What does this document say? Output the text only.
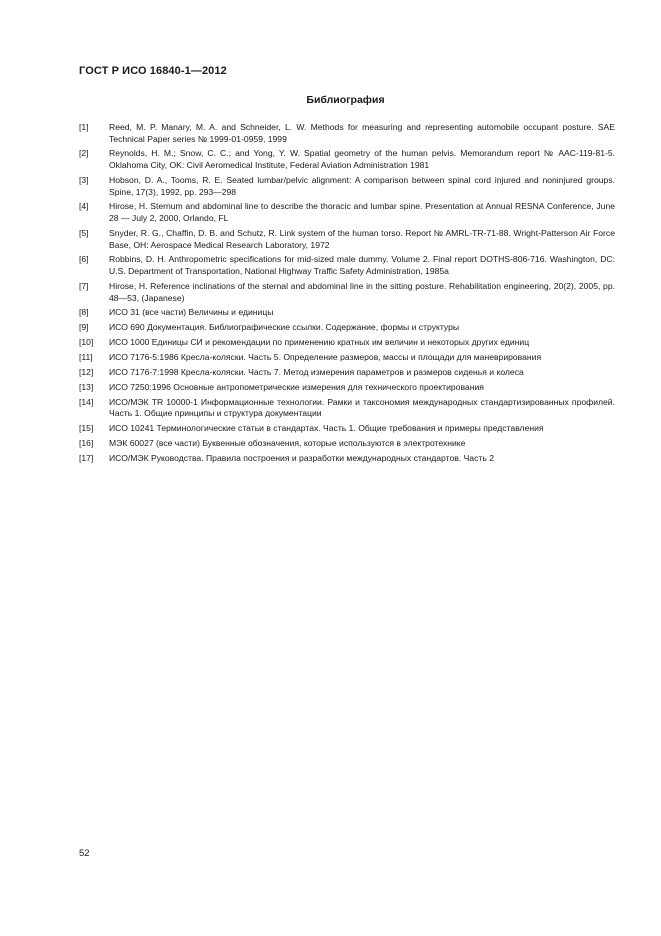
ГОСТ Р ИСО 16840-1—2012
Библиография
[1]	Reed, M. P. Manary, M. A. and Schneider, L. W. Methods for measuring and representing automobile occupant posture. SAE Technical Paper series № 1999-01-0959, 1999
[2]	Reynolds, H. M.; Snow, C. C.; and Yong, Y. W. Spatial geometry of the human pelvis. Memorandum report № AAC-119-81-5. Oklahoma City, OK: Civil Aeromedical Institute, Federal Aviation Administration 1981
[3]	Hobson, D. A., Tooms, R. E. Seated lumbar/pelvic alignment: A comparison between spinal cord injured and noninjured groups. Spine, 17(3), 1992, pp. 293—298
[4]	Hirose, H. Sternum and abdominal line to describe the thoracic and lumbar spine. Presentation at Annual RESNA Conference, June 28 — July 2, 2000, Orlando, FL
[5]	Snyder, R. G., Chaffin, D. B. and Schutz, R. Link system of the human torso. Report № AMRL-TR-71-88. Wright-Patterson Air Force Base, OH: Aerospace Medical Research Laboratory, 1972
[6]	Robbins, D. H. Anthropometric specifications for mid-sized male dummy. Volume 2. Final report DOTHS-806-716. Washington, DC: U.S. Department of Transportation, National Highway Traffic Safety Administration, 1985a
[7]	Hirose, H. Reference inclinations of the sternal and abdominal line in the sitting posture. Rehabilitation engineering, 20(2), 2005, pp. 48—53, (Japanese)
[8]	ИСО 31 (все части) Величины и единицы
[9]	ИСО 690 Документация. Библиографические ссылки. Содержание, формы и структуры
[10]	ИСО 1000 Единицы СИ и рекомендации по применению кратных им величин и некоторых других единиц
[11]	ИСО 7176-5:1986 Кресла-коляски. Часть 5. Определение размеров, массы и площади для маневрирования
[12]	ИСО 7176-7:1998 Кресла-коляски. Часть 7. Метод измерения параметров и размеров сиденья и колеса
[13]	ИСО 7250:1996 Основные антропометрические измерения для технического проектирования
[14]	ИСО/МЭК TR 10000-1 Информационные технологии. Рамки и таксономия международных стандартизированных профилей. Часть 1. Общие принципы и структура документации
[15]	ИСО 10241 Терминологические статьи в стандартах. Часть 1. Общие требования и примеры представления
[16]	МЭК 60027 (все части) Буквенные обозначения, которые используются в электротехнике
[17]	ИСО/МЭК Руководства. Правила построения и разработки международных стандартов. Часть 2
52
